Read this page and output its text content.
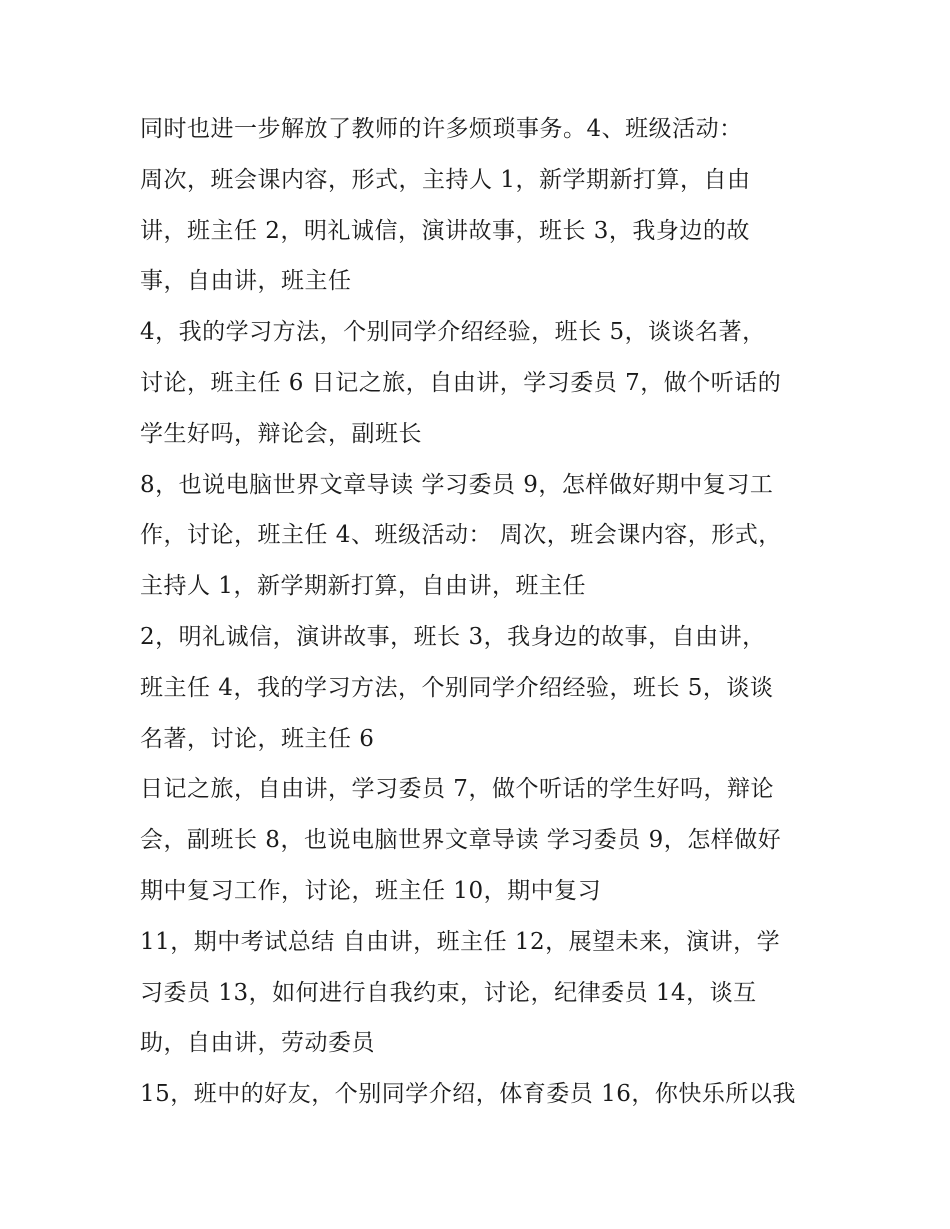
同时也进一步解放了教师的许多烦琐事务。4、班级活动：
周次，班会课内容，形式，主持人 1，新学期新打算，自由
讲，班主任 2，明礼诚信，演讲故事，班长 3，我身边的故
事，自由讲，班主任
4，我的学习方法，个别同学介绍经验，班长 5，谈谈名著，
讨论，班主任 6 日记之旅，自由讲，学习委员 7，做个听话的
学生好吗，辩论会，副班长
8，也说电脑世界文章导读 学习委员 9，怎样做好期中复习工
作，讨论，班主任 4、班级活动： 周次，班会课内容，形式，
主持人 1，新学期新打算，自由讲，班主任
2，明礼诚信，演讲故事，班长 3，我身边的故事，自由讲，
班主任 4，我的学习方法，个别同学介绍经验，班长 5，谈谈
名著，讨论，班主任 6
日记之旅，自由讲，学习委员 7，做个听话的学生好吗，辩论
会，副班长 8，也说电脑世界文章导读 学习委员 9，怎样做好
期中复习工作，讨论，班主任 10，期中复习
11，期中考试总结 自由讲，班主任 12，展望未来，演讲，学
习委员 13，如何进行自我约束，讨论，纪律委员 14，谈互
助，自由讲，劳动委员
15，班中的好友，个别同学介绍，体育委员 16，你快乐所以我
